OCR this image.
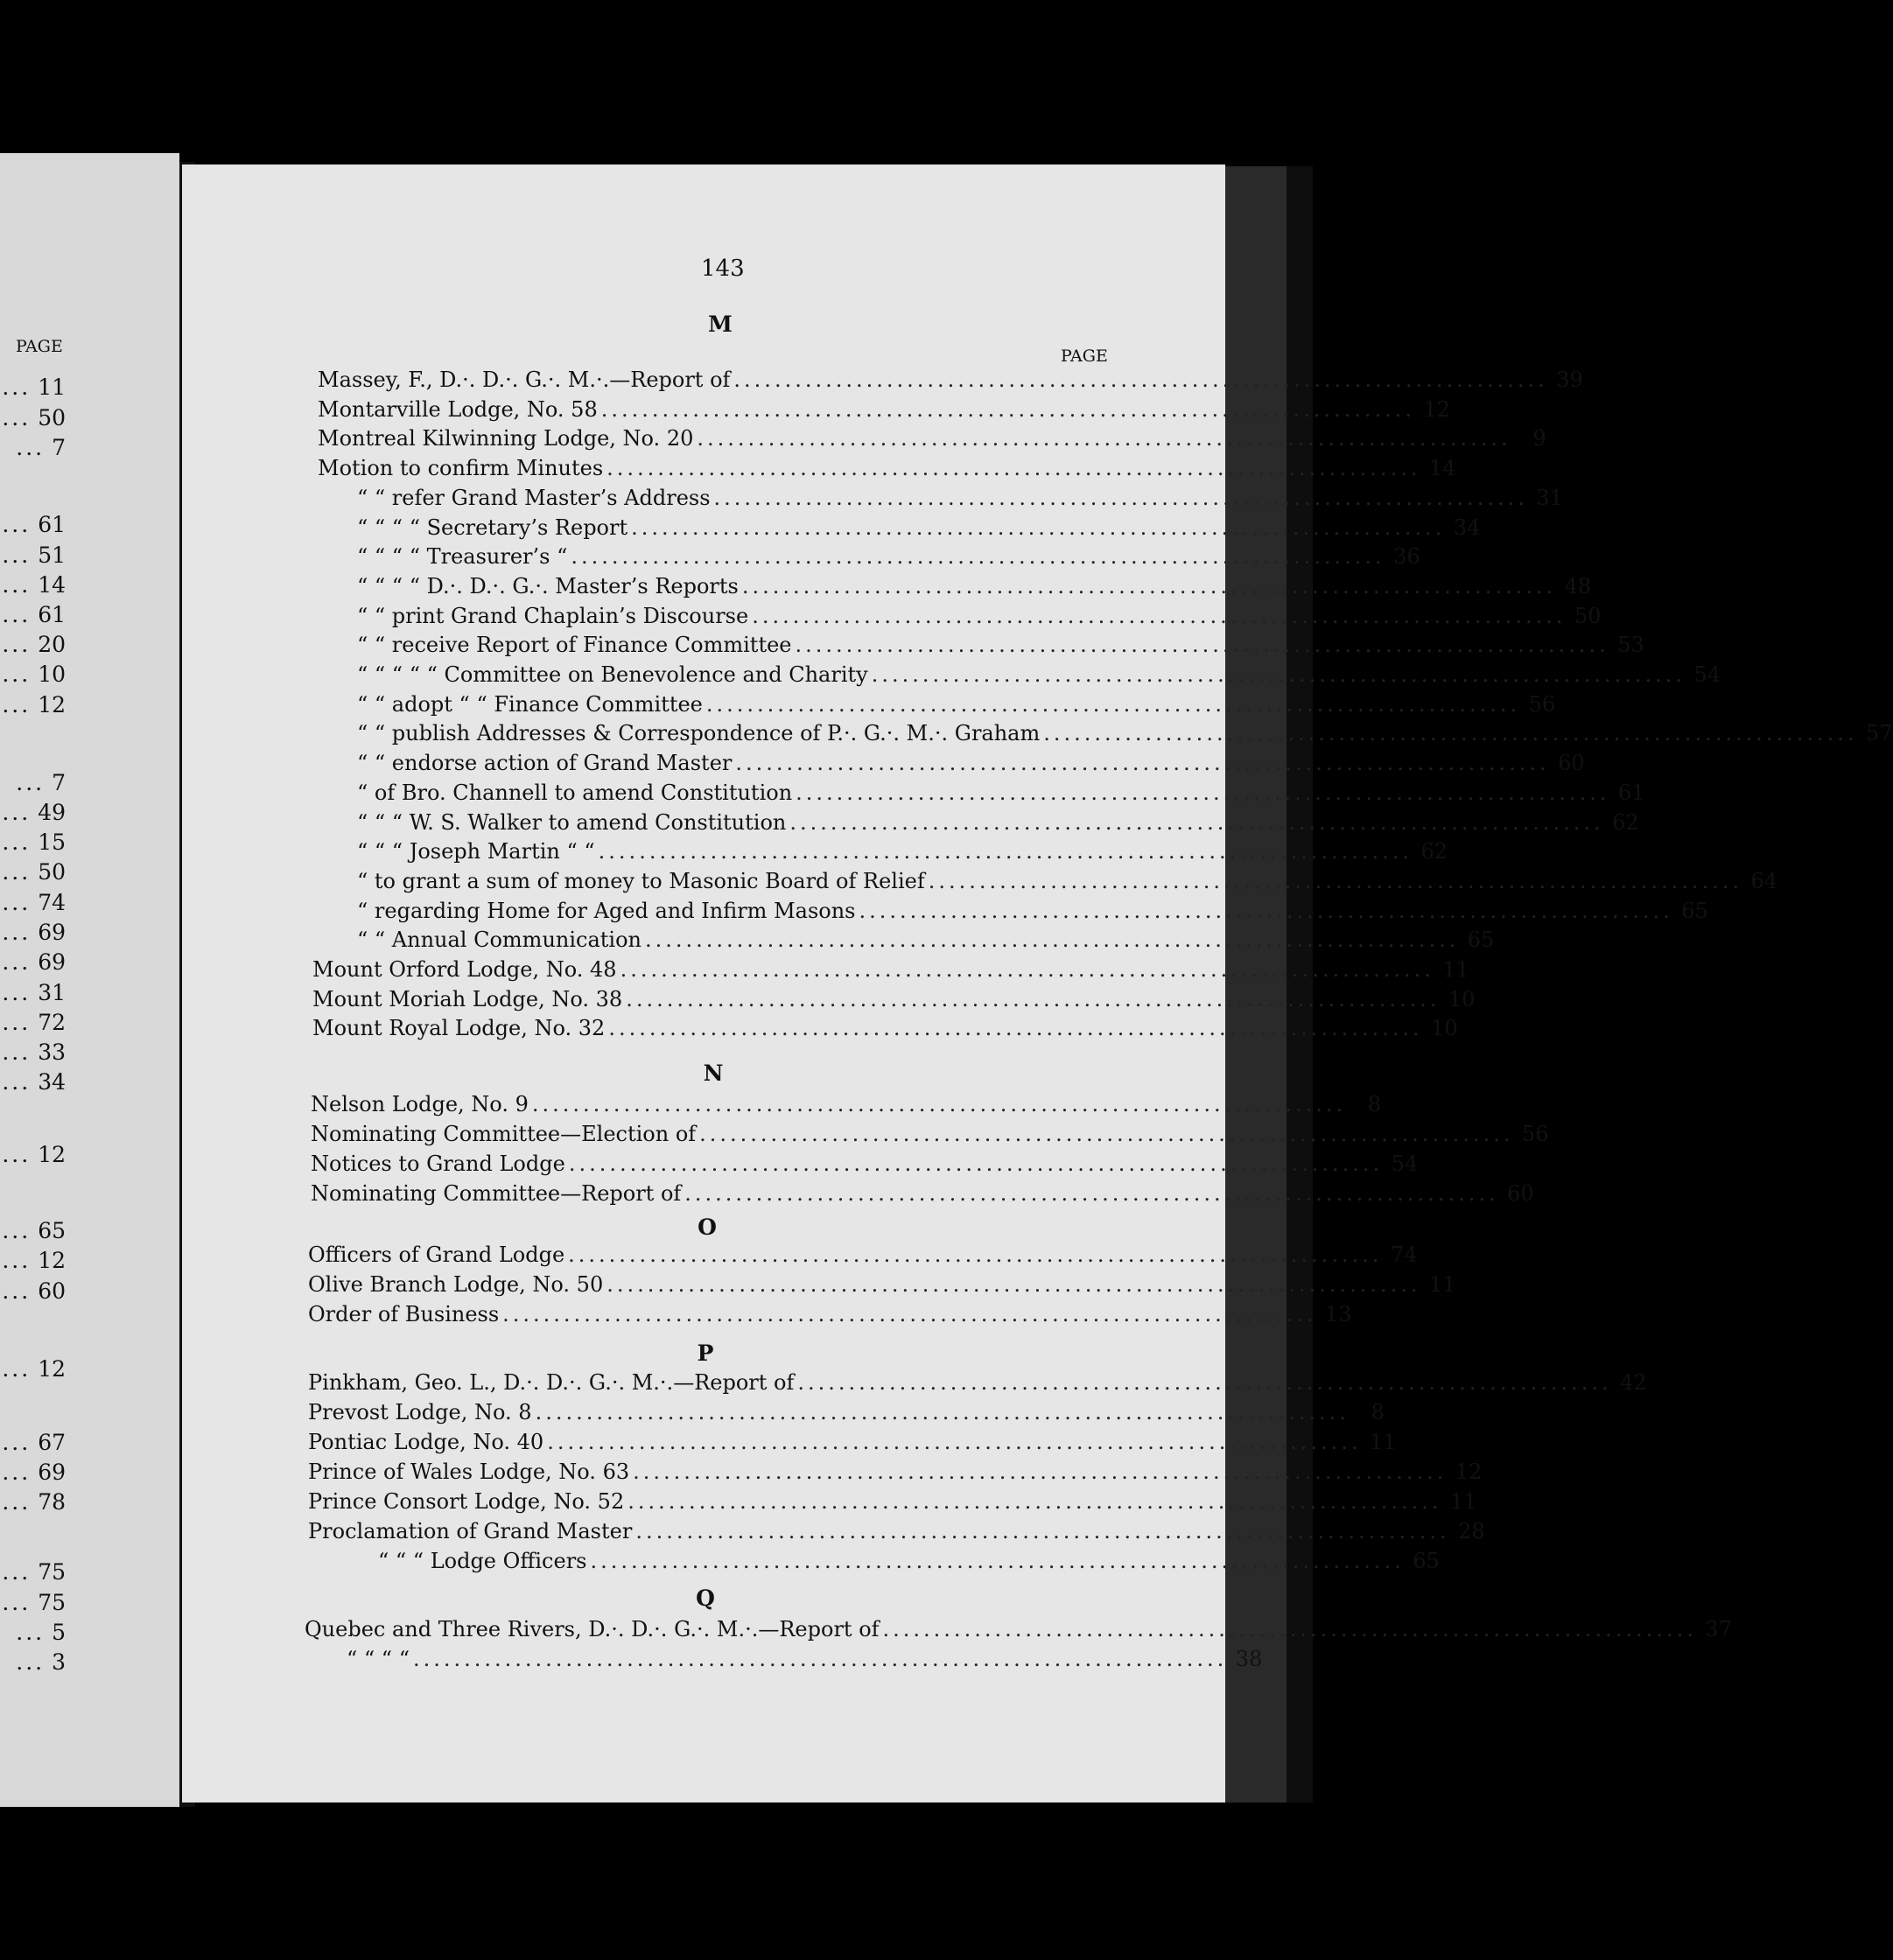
PAGE
... 11
... 50
... 7
... 61
... 51
... 14
... 61
... 20
... 10
... 12
... 7
... 49
... 15
... 50
... 74
... 69
... 69
... 31
... 72
... 33
... 34
... 12
... 65
... 12
... 60
... 12
... 67
... 69
... 78
... 75
... 75
... 5
... 3
143
PAGE
M
Massey, F., D.·. D.·. G.·. M.·.—Report of ................................................................................ 39
Montarville Lodge, No. 58 ................................................................................ 12
Montreal Kilwinning Lodge, No. 20 ................................................................................	9
Motion to confirm Minutes ................................................................................ 14
“ “ refer Grand Master’s Address ................................................................................ 31
“ “ “ “ Secretary’s Report ................................................................................ 34
“ “ “ “ Treasurer’s “ ................................................................................ 36
“ “ “ “ D.·. D.·. G.·. Master’s Reports ................................................................................ 48
“ “ print Grand Chaplain’s Discourse ................................................................................ 50
“ “ receive Report of Finance Committee ................................................................................ 53
“ “ “ “ “ Committee on Benevolence and Charity ................................................................................ 54
“ “ adopt “ “ Finance Committee ................................................................................ 56
“ “ publish Addresses & Correspondence of P.·. G.·. M.·. Graham ................................................................................ 57
“ “ endorse action of Grand Master ................................................................................ 60
“ of Bro. Channell to amend Constitution ................................................................................ 61
“ “ “ W. S. Walker to amend Constitution ................................................................................ 62
“ “ “ Joseph Martin “ “ ................................................................................ 62
“ to grant a sum of money to Masonic Board of Relief ................................................................................ 64
“ regarding Home for Aged and Infirm Masons ................................................................................ 65
“ “ Annual Communication ................................................................................ 65
Mount Orford Lodge, No. 48 ................................................................................ 11
Mount Moriah Lodge, No. 38 ................................................................................ 10
Mount Royal Lodge, No. 32 ................................................................................ 10
N
Nelson Lodge, No. 9 ................................................................................	8
Nominating Committee—Election of ................................................................................ 56
Notices to Grand Lodge ................................................................................ 54
Nominating Committee—Report of ................................................................................ 60
O
Officers of Grand Lodge ................................................................................ 74
Olive Branch Lodge, No. 50 ................................................................................ 11
Order of Business ................................................................................ 13
P
Pinkham, Geo. L., D.·. D.·. G.·. M.·.—Report of ................................................................................ 42
Prevost Lodge, No. 8 ................................................................................	8
Pontiac Lodge, No. 40 ................................................................................ 11
Prince of Wales Lodge, No. 63 ................................................................................ 12
Prince Consort Lodge, No. 52 ................................................................................ 11
Proclamation of Grand Master ................................................................................ 28
“ “ “ Lodge Officers ................................................................................ 65
Q
Quebec and Three Rivers, D.·. D.·. G.·. M.·.—Report of ................................................................................ 37
“ “ “ “ ................................................................................ 38
